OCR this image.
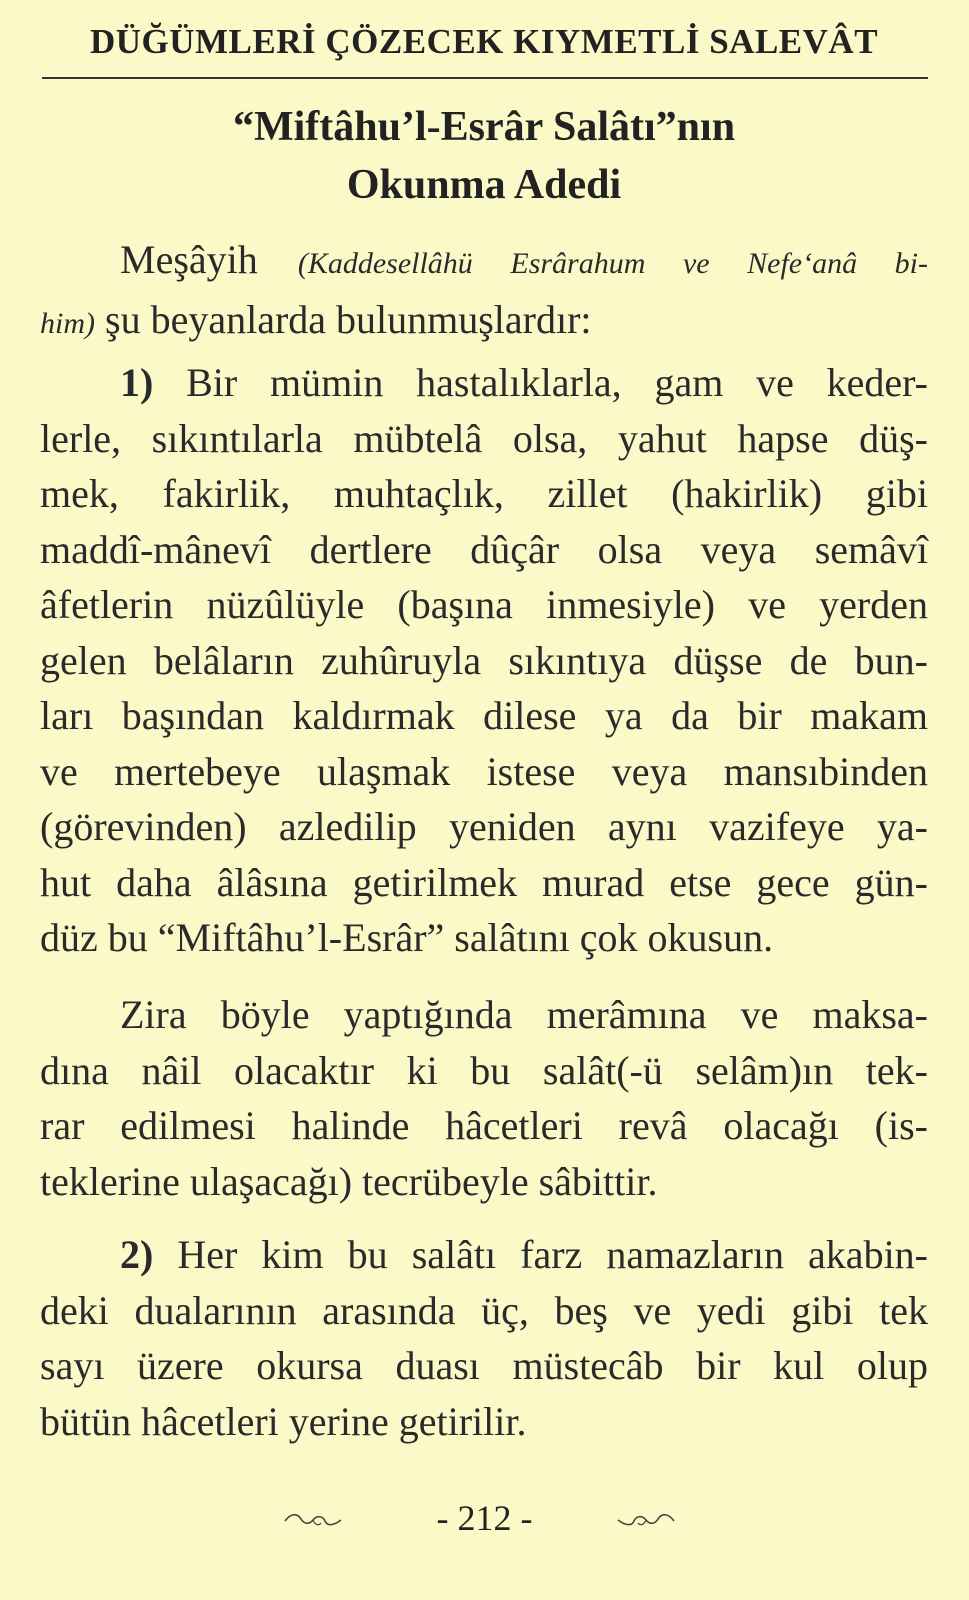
DÜĞÜMLERİ ÇÖZECEK KIYMETLİ SALEVÂT
“Miftâhu’l-Esrâr Salâtı”nın
Okunma Adedi
Meşâyih (Kaddesellâhü Esrârahum ve Nefe‘anâ bi-
him) şu beyanlarda bulunmuşlardır:
1) Bir mümin hastalıklarla, gam ve keder-
lerle, sıkıntılarla mübtelâ olsa, yahut hapse düş-
mek, fakirlik, muhtaçlık, zillet (hakirlik) gibi
maddî-mânevî dertlere dûçâr olsa veya semâvî
âfetlerin nüzûlüyle (başına inmesiyle) ve yerden
gelen belâların zuhûruyla sıkıntıya düşse de bun-
ları başından kaldırmak dilese ya da bir makam
ve mertebeye ulaşmak istese veya mansıbinden
(görevinden) azledilip yeniden aynı vazifeye ya-
hut daha âlâsına getirilmek murad etse gece gün-
düz bu “Miftâhu’l-Esrâr” salâtını çok okusun.
Zira böyle yaptığında merâmına ve maksa-
dına nâil olacaktır ki bu salât(-ü selâm)ın tek-
rar edilmesi halinde hâcetleri revâ olacağı (is-
teklerine ulaşacağı) tecrübeyle sâbittir.
2) Her kim bu salâtı farz namazların akabin-
deki dualarının arasında üç, beş ve yedi gibi tek
sayı üzere okursa duası müstecâb bir kul olup
bütün hâcetleri yerine getirilir.
- 212 -
